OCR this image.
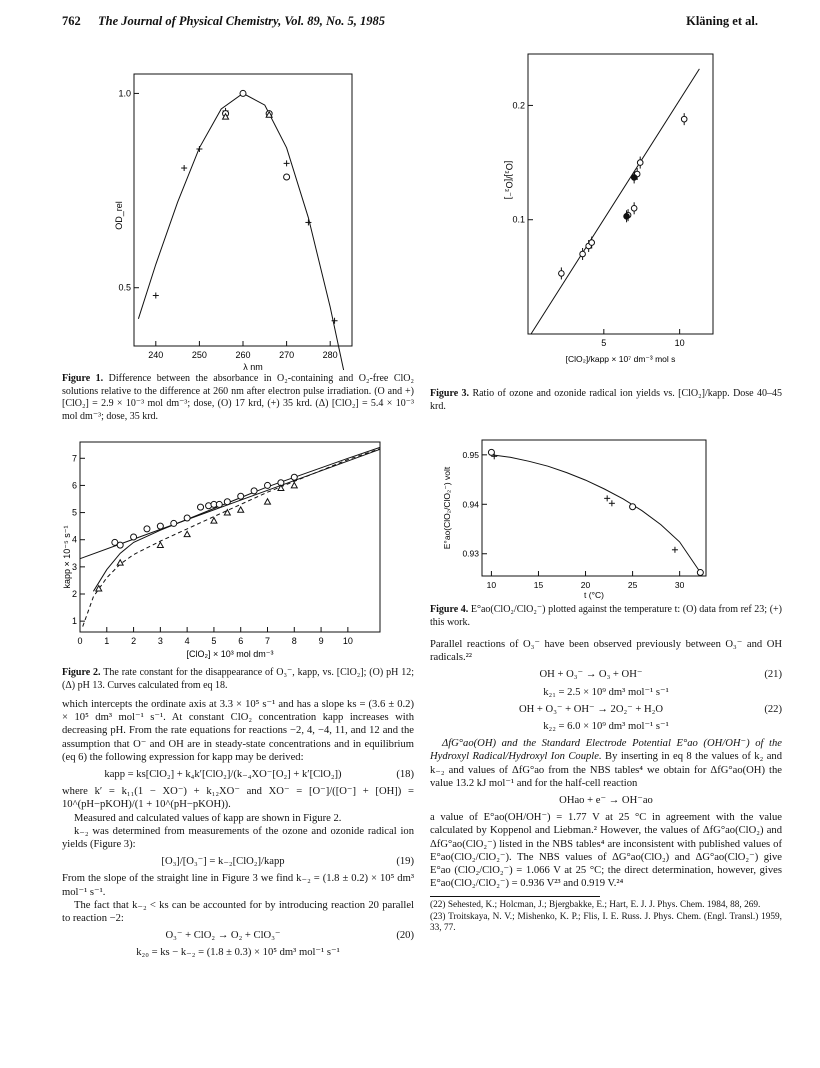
762 The Journal of Physical Chemistry, Vol. 89, No. 5, 1985	Kläning et al.
240	250	260	270	280
0.5
1.0
λ nm
OD_rel
Figure 1. Difference between the absorbance in O₂-containing and O₂-free ClO₂ solutions relative to the difference at 260 nm after electron pulse irradiation. (O and +) [ClO₂] = 2.9 × 10⁻³ mol dm⁻³; dose, (O) 17 krd, (+) 35 krd. (Δ) [ClO₂] = 5.4 × 10⁻³ mol dm⁻³; dose, 35 krd.
0 1 2 3 4 5 6 7 8 9 10
1
2
3
4
5
6
7
[ClO₂] × 10³ mol dm⁻³
kapp × 10⁻⁵ s⁻¹
Figure 2. The rate constant for the disappearance of O₃⁻, kapp, vs. [ClO₂]; (O) pH 12; (Δ) pH 13. Curves calculated from eq 18.

which intercepts the ordinate axis at 3.3 × 10⁵ s⁻¹ and has a slope ks = (3.6 ± 0.2) × 10⁵ dm³ mol⁻¹ s⁻¹. At constant ClO₂ concentration kapp increases with decreasing pH. From the rate equations for reactions −2, 4, −4, 11, and 12 and the assumption that O⁻ and OH are in steady-state concentrations and in equilibrium (eq 6) the following expression for kapp may be derived:

kapp = ks[ClO₂] + k₄k′[ClO₂]/(k₋₄XO⁻[O₂] + k′[ClO₂])	(18)

where k′ = k₁₁(1 − XO⁻) + k₁₂XO⁻ and XO⁻ = [O⁻]/([O⁻] + [OH]) = 10^(pH−pKOH)/(1 + 10^(pH−pKOH)).

Measured and calculated values of kapp are shown in Figure 2.

k₋₂ was determined from measurements of the ozone and ozonide radical ion yields (Figure 3):

[O₃]/[O₃⁻] = k₋₂[ClO₂]/kapp	(19)

From the slope of the straight line in Figure 3 we find k₋₂ = (1.8 ± 0.2) × 10⁵ dm³ mol⁻¹ s⁻¹.

The fact that k₋₂ < ks can be accounted for by introducing reaction 20 parallel to reaction −2:

O₃⁻ + ClO₂ → O₂ + ClO₃⁻	(20)
k₂₀ = ks − k₋₂ = (1.8 ± 0.3) × 10⁵ dm³ mol⁻¹ s⁻¹
5	10
0.1
0.2
[ClO₂]/kapp × 10⁷ dm⁻³ mol s
[O₃]/[O₃⁻]
Figure 3. Ratio of ozone and ozonide radical ion yields vs. [ClO₂]/kapp. Dose 40–45 krd.
10	15	20	25	30
0.93
0.94
0.95
t (°C)
E°ao(ClO₂/ClO₂⁻) volt
Figure 4. E°ao(ClO₂/ClO₂⁻) plotted against the temperature t: (O) data from ref 23; (+) this work.

Parallel reactions of O₃⁻ have been observed previously between O₃⁻ and OH radicals.²²

OH + O₃⁻ → O₃ + OH⁻	(21)
k₂₁ = 2.5 × 10⁹ dm³ mol⁻¹ s⁻¹
OH + O₃⁻ + OH⁻ → 2O₂⁻ + H₂O	(22)
k₂₂ = 6.0 × 10⁹ dm³ mol⁻¹ s⁻¹

ΔfG°ao(OH) and the Standard Electrode Potential E°ao (OH/OH⁻) of the Hydroxyl Radical/Hydroxyl Ion Couple. By inserting in eq 8 the values of k₂ and k₋₂ and values of ΔfG°ao from the NBS tables⁴ we obtain for ΔfG°ao(OH) the value 13.2 kJ mol⁻¹ and for the half-cell reaction

OHao + e⁻ → OH⁻ao

a value of E°ao(OH/OH⁻) = 1.77 V at 25 °C in agreement with the value calculated by Koppenol and Liebman.² However, the values of ΔfG°ao(ClO₂) and ΔfG°ao(ClO₂⁻) listed in the NBS tables⁴ are inconsistent with published values of E°ao(ClO₂/ClO₂⁻). The NBS values of ΔG°ao(ClO₂) and ΔG°ao(ClO₂⁻) give E°ao (ClO₂/ClO₂⁻) = 1.066 V at 25 °C; the direct determination, however, gives E°ao(ClO₂/ClO₂⁻) = 0.936 V²³ and 0.919 V.²⁴

(22) Sehested, K.; Holcman, J.; Bjergbakke, E.; Hart, E. J. J. Phys. Chem. 1984, 88, 269.

(23) Troitskaya, N. V.; Mishenko, K. P.; Flis, I. E. Russ. J. Phys. Chem. (Engl. Transl.) 1959, 33, 77.
